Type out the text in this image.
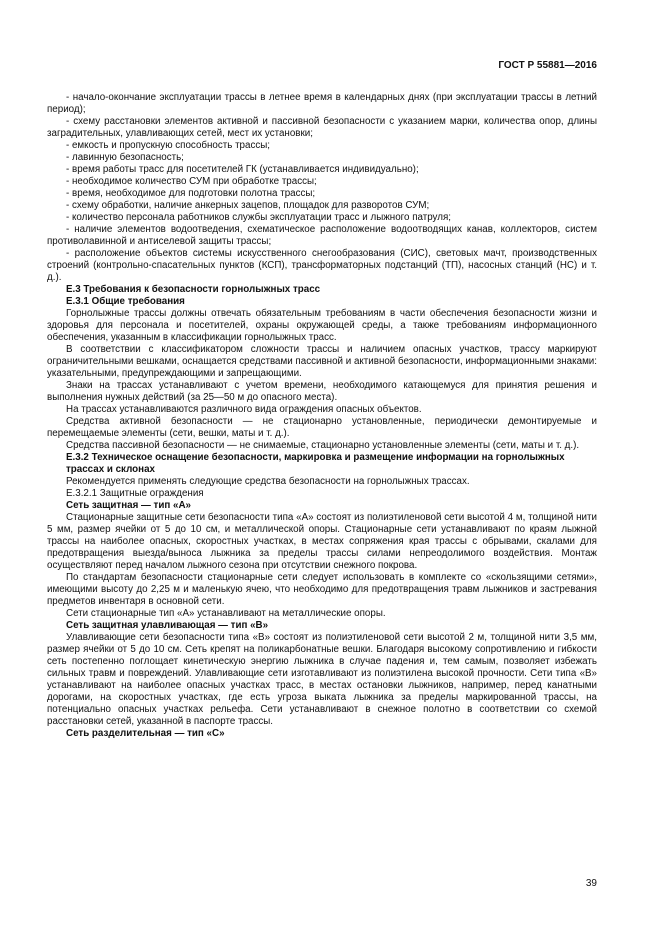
ГОСТ Р 55881—2016

- начало-окончание эксплуатации трассы в летнее время в календарных днях (при эксплуатации трассы в летний период);

- схему расстановки элементов активной и пассивной безопасности с указанием марки, количества опор, длины заградительных, улавливающих сетей, мест их установки;

- емкость и пропускную способность трассы;

- лавинную безопасность;

- время работы трасс для посетителей ГК (устанавливается индивидуально);

- необходимое количество СУМ при обработке трассы;

- время, необходимое для подготовки полотна трассы;

- схему обработки, наличие анкерных зацепов, площадок для разворотов СУМ;

- количество персонала работников службы эксплуатации трасс и лыжного патруля;

- наличие элементов водоотведения, схематическое расположение водоотводящих канав, коллекторов, систем противолавинной и антиселевой защиты трассы;

- расположение объектов системы искусственного снегообразования (СИС), световых мачт, производственных строений (контрольно-спасательных пунктов (КСП), трансформаторных подстанций (ТП), насосных станций (НС) и т. д.).

Е.3 Требования к безопасности горнолыжных трасс

Е.3.1 Общие требования

Горнолыжные трассы должны отвечать обязательным требованиям в части обеспечения безопасности жизни и здоровья для персонала и посетителей, охраны окружающей среды, а также требованиям информационного обеспечения, указанным в классификации горнолыжных трасс.

В соответствии с классификатором сложности трассы и наличием опасных участков, трассу маркируют ограничительными вешками, оснащается средствами пассивной и активной безопасности, информационными знаками: указательными, предупреждающими и запрещающими.

Знаки на трассах устанавливают с учетом времени, необходимого катающемуся для принятия решения и выполнения нужных действий (за 25—50 м до опасного места).

На трассах устанавливаются различного вида ограждения опасных объектов.

Средства активной безопасности — не стационарно установленные, периодически демонтируемые и перемещаемые элементы (сети, вешки, маты и т. д.).

Средства пассивной безопасности — не снимаемые, стационарно установленные элементы (сети, маты и т. д.).

Е.3.2 Техническое оснащение безопасности, маркировка и размещение информации на горнолыжных трассах и склонах

Рекомендуется применять следующие средства безопасности на горнолыжных трассах.

Е.3.2.1 Защитные ограждения

Сеть защитная — тип «А»

Стационарные защитные сети безопасности типа «А» состоят из полиэтиленовой сети высотой 4 м, толщиной нити 5 мм, размер ячейки от 5 до 10 см, и металлической опоры. Стационарные сети устанавливают по краям лыжной трассы на наиболее опасных, скоростных участках, в местах сопряжения края трассы с обрывами, скалами для предотвращения выезда/выноса лыжника за пределы трассы силами непреодолимого воздействия. Монтаж осуществляют перед началом лыжного сезона при отсутствии снежного покрова.

По стандартам безопасности стационарные сети следует использовать в комплекте со «скользящими сетями», имеющими высоту до 2,25 м и маленькую ячею, что необходимо для предотвращения травм лыжников и застревания предметов инвентаря в основной сети.

Сети стационарные тип «А» устанавливают на металлические опоры.

Сеть защитная улавливающая — тип «В»

Улавливающие сети безопасности типа «В» состоят из полиэтиленовой сети высотой 2 м, толщиной нити 3,5 мм, размер ячейки от 5 до 10 см. Сеть крепят на поликарбонатные вешки. Благодаря высокому сопротивлению и гибкости сеть постепенно поглощает кинетическую энергию лыжника в случае падения и, тем самым, позволяет избежать сильных травм и повреждений. Улавливающие сети изготавливают из полиэтилена высокой прочности. Сети типа «В» устанавливают на наиболее опасных участках трасс, в местах остановки лыжников, например, перед канатными дорогами, на скоростных участках, где есть угроза выката лыжника за пределы маркированной трассы, на потенциально опасных участках рельефа. Сети устанавливают в снежное полотно в соответствии со схемой расстановки сетей, указанной в паспорте трассы.

Сеть разделительная — тип «С»

39
